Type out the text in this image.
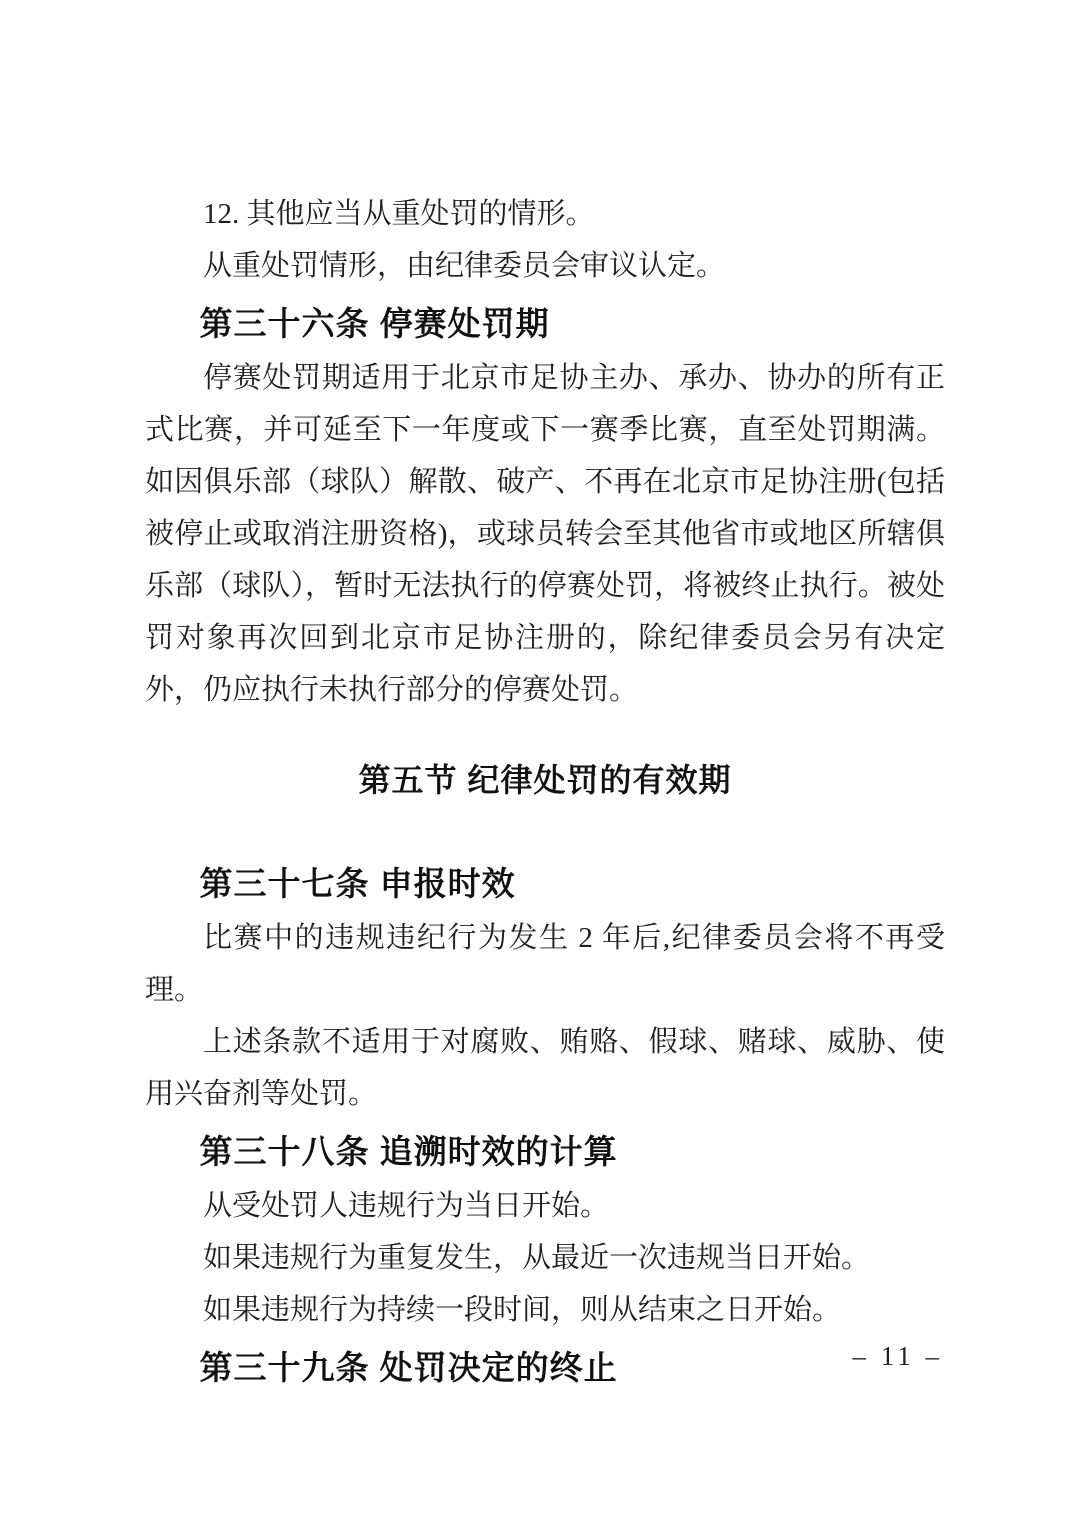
12. 其他应当从重处罚的情形。

从重处罚情形，由纪律委员会审议认定。

第三十六条 停赛处罚期

停赛处罚期适用于北京市足协主办、承办、协办的所有正式比赛，并可延至下一年度或下一赛季比赛，直至处罚期满。如因俱乐部（球队）解散、破产、不再在北京市足协注册(包括被停止或取消注册资格)，或球员转会至其他省市或地区所辖俱乐部（球队），暂时无法执行的停赛处罚，将被终止执行。被处罚对象再次回到北京市足协注册的，除纪律委员会另有决定外，仍应执行未执行部分的停赛处罚。

第五节 纪律处罚的有效期
第三十七条 申报时效

比赛中的违规违纪行为发生 2 年后,纪律委员会将不再受理。

上述条款不适用于对腐败、贿赂、假球、赌球、威胁、使用兴奋剂等处罚。

第三十八条 追溯时效的计算

从受处罚人违规行为当日开始。

如果违规行为重复发生，从最近一次违规当日开始。

如果违规行为持续一段时间，则从结束之日开始。

第三十九条 处罚决定的终止	– 11 –
